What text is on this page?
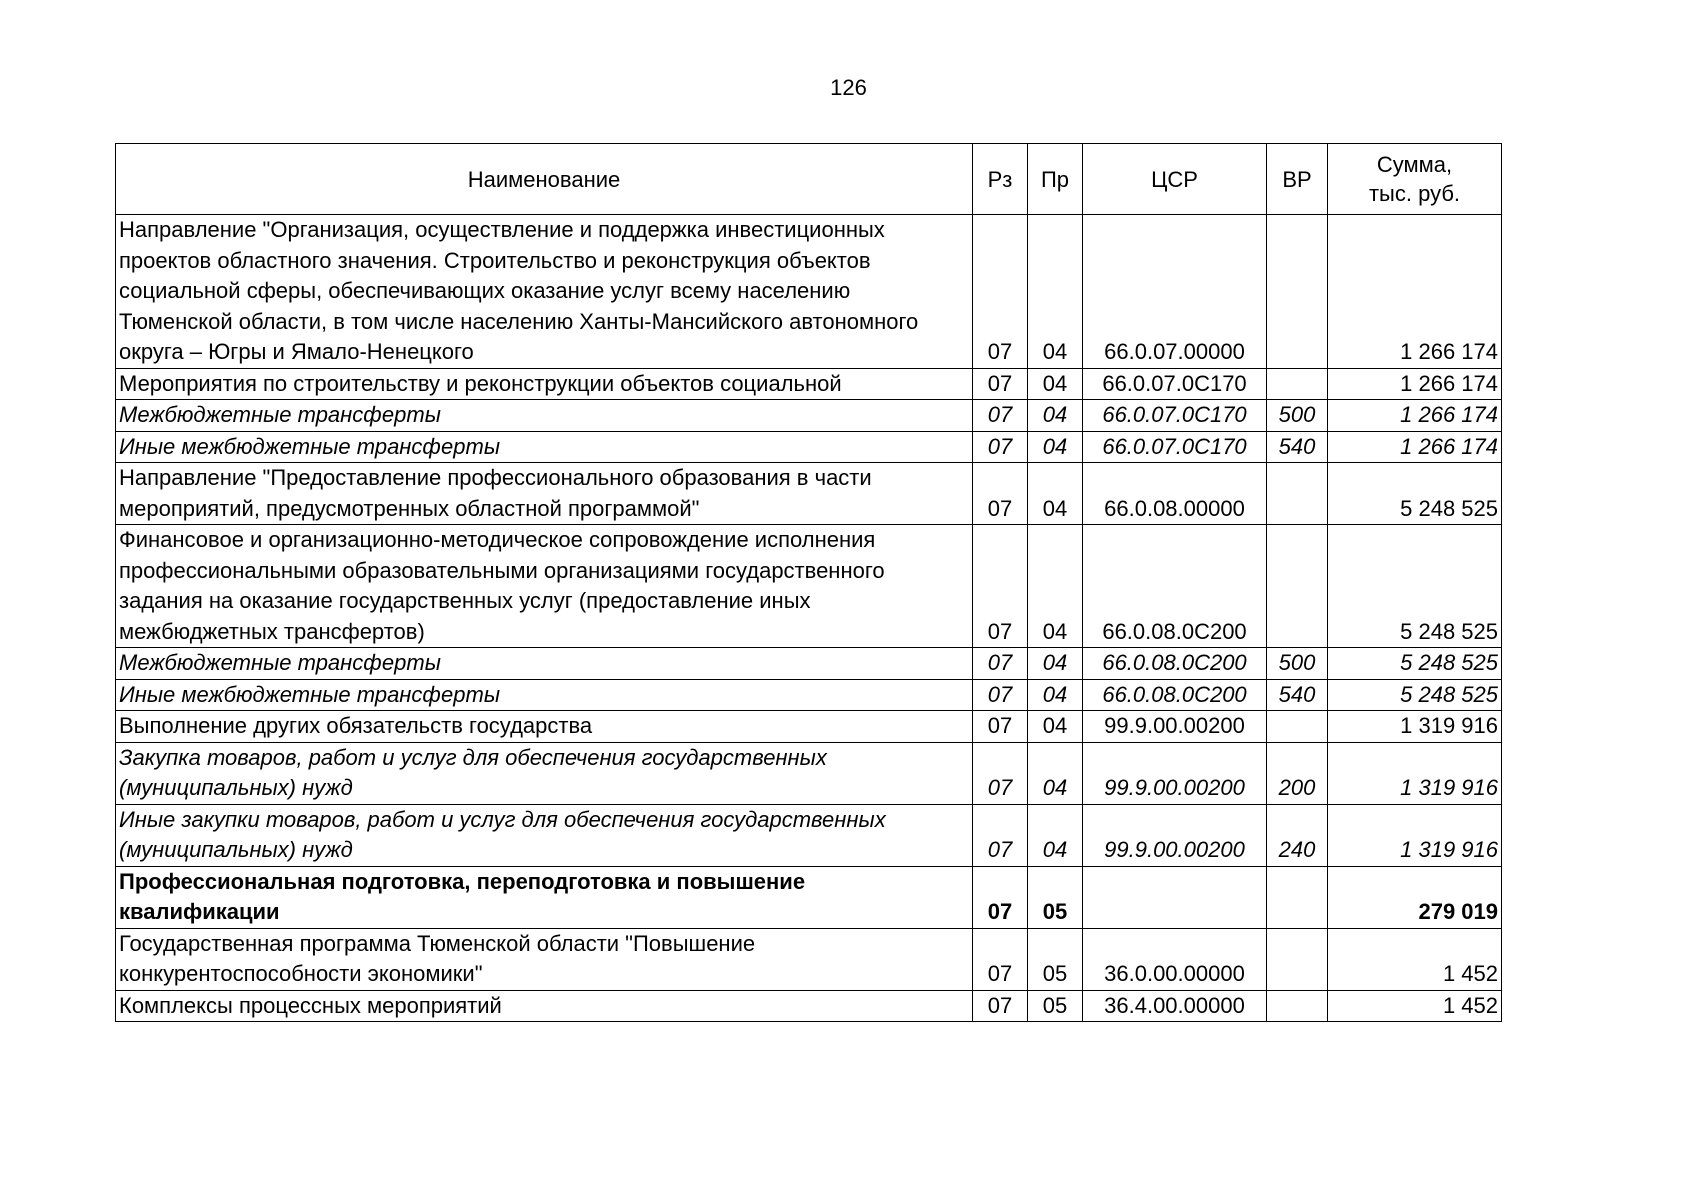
126
Наименование	Рз	Пр	ЦСР	ВР	Сумма,
тыс. руб.
Направление "Организация, осуществление и поддержка инвестиционных проектов областного значения. Строительство и реконструкция объектов социальной сферы, обеспечивающих оказание услуг всему населению Тюменской области, в том числе населению Ханты-Мансийского автономного округа – Югры и Ямало-Ненецкого	07	04	66.0.07.00000		1 266 174
Мероприятия по строительству и реконструкции объектов социальной	07	04	66.0.07.0С170		1 266 174
Межбюджетные трансферты	07	04	66.0.07.0С170	500	1 266 174
Иные межбюджетные трансферты	07	04	66.0.07.0С170	540	1 266 174
Направление "Предоставление профессионального образования в части мероприятий, предусмотренных областной программой"	07	04	66.0.08.00000		5 248 525
Финансовое и организационно-методическое сопровождение исполнения профессиональными образовательными организациями государственного задания на оказание государственных услуг (предоставление иных межбюджетных трансфертов)	07	04	66.0.08.0С200		5 248 525
Межбюджетные трансферты	07	04	66.0.08.0С200	500	5 248 525
Иные межбюджетные трансферты	07	04	66.0.08.0С200	540	5 248 525
Выполнение других обязательств государства	07	04	99.9.00.00200		1 319 916
Закупка товаров, работ и услуг для обеспечения государственных (муниципальных) нужд	07	04	99.9.00.00200	200	1 319 916
Иные закупки товаров, работ и услуг для обеспечения государственных (муниципальных) нужд	07	04	99.9.00.00200	240	1 319 916
Профессиональная подготовка, переподготовка и повышение квалификации	07	05			279 019
Государственная программа Тюменской области "Повышение конкурентоспособности экономики"	07	05	36.0.00.00000		1 452
Комплексы процессных мероприятий	07	05	36.4.00.00000		1 452
